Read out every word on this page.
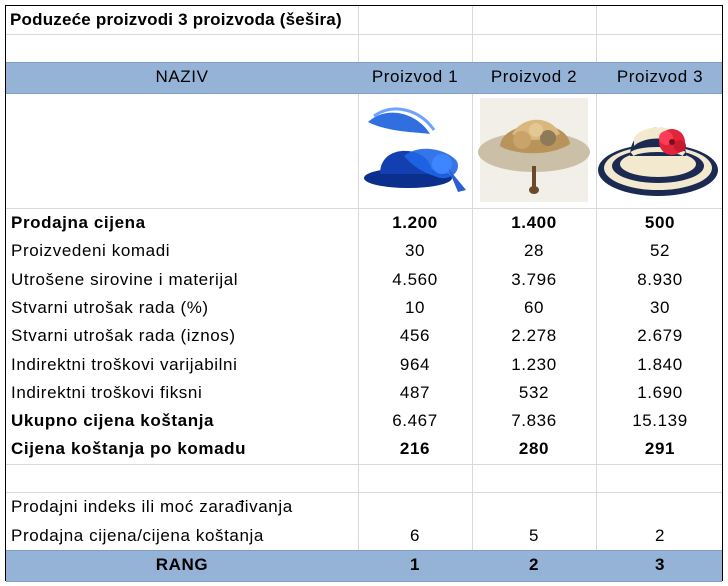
Poduzeće proizvodi 3 proizvoda (šešira)
NAZIV	Proizvod 1	Proizvod 2	Proizvod 3
Prodajna cijena	1.200	1.400	500
Proizvedeni komadi	30	28	52
Utrošene sirovine i materijal	4.560	3.796	8.930
Stvarni utrošak rada (%)	10	60	30
Stvarni utrošak rada (iznos)	456	2.278	2.679
Indirektni troškovi varijabilni	964	1.230	1.840
Indirektni troškovi fiksni	487	532	1.690
Ukupno cijena koštanja	6.467	7.836	15.139
Cijena koštanja po komadu	216	280	291
Prodajni indeks ili moć zarađivanja
Prodajna cijena/cijena koštanja	6	5	2
RANG	1	2	3
